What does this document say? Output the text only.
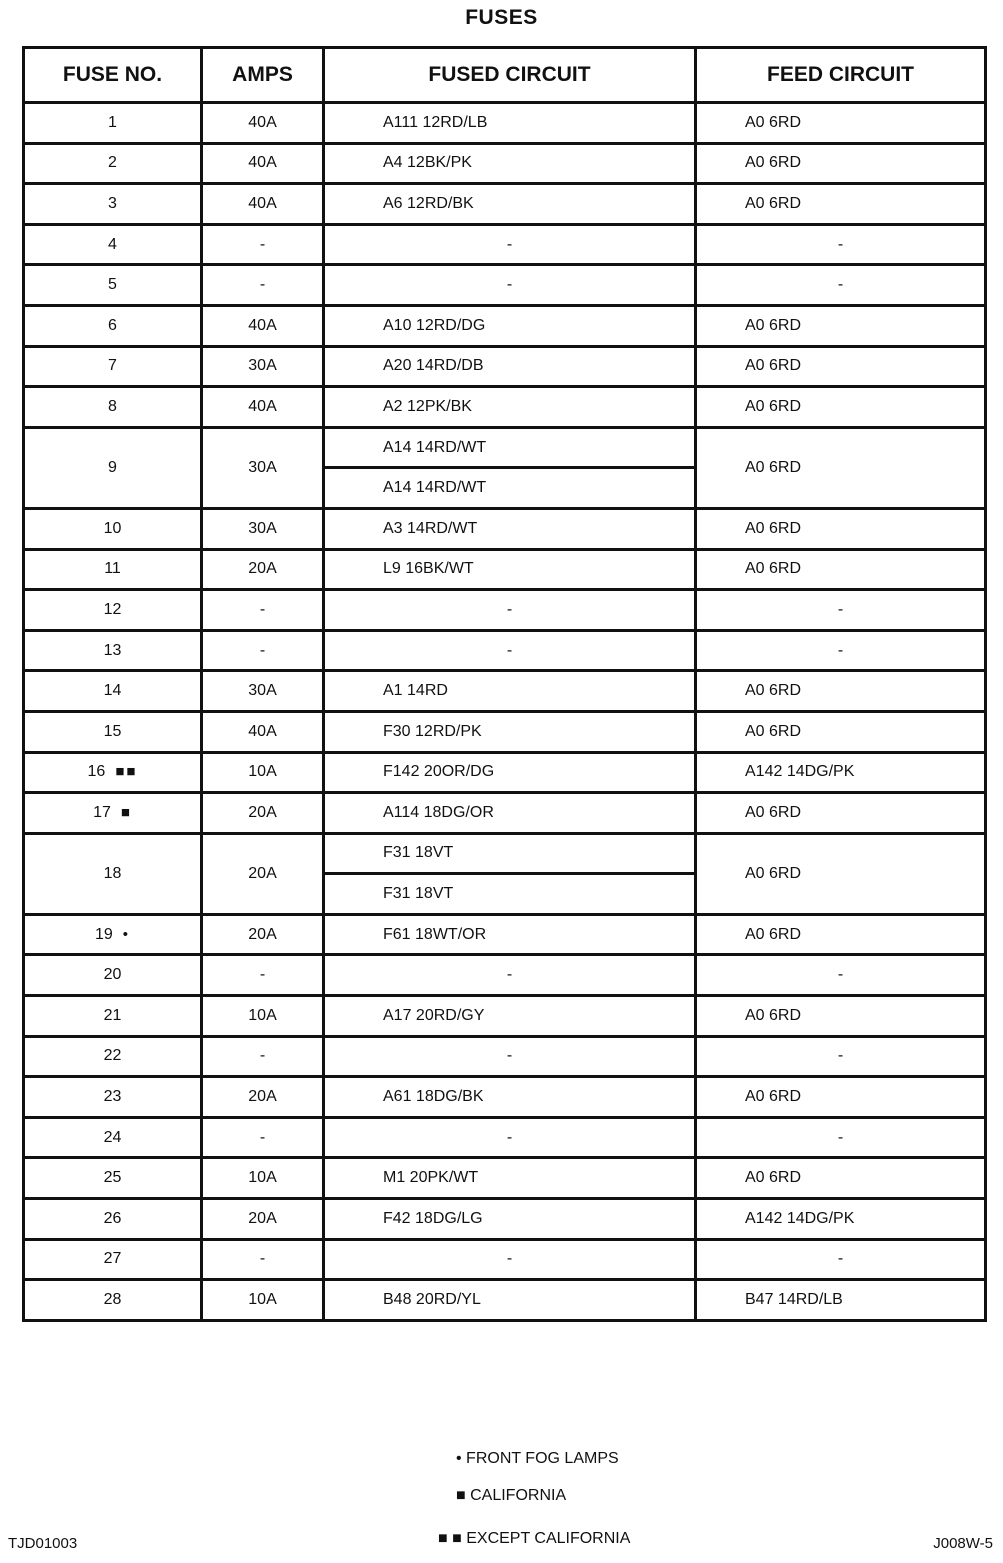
FUSES
FUSE NO.	AMPS	FUSED CIRCUIT	FEED CIRCUIT
1	40A	A111 12RD/LB	A0 6RD
2	40A	A4 12BK/PK	A0 6RD
3	40A	A6 12RD/BK	A0 6RD
4	-	-	-
5	-	-	-
6	40A	A10 12RD/DG	A0 6RD
7	30A	A20 14RD/DB	A0 6RD
8	40A	A2 12PK/BK	A0 6RD
9	30A	A14 14RD/WT	A0 6RD
		A14 14RD/WT	
10	30A	A3 14RD/WT	A0 6RD
11	20A	L9 16BK/WT	A0 6RD
12	-	-	-
13	-	-	-
14	30A	A1 14RD	A0 6RD
15	40A	F30 12RD/PK	A0 6RD
16 ■■	10A	F142 20OR/DG	A142 14DG/PK
17 ■	20A	A114 18DG/OR	A0 6RD
18	20A	F31 18VT	A0 6RD
		F31 18VT	
19 •	20A	F61 18WT/OR	A0 6RD
20	-	-	-
21	10A	A17 20RD/GY	A0 6RD
22	-	-	-
23	20A	A61 18DG/BK	A0 6RD
24	-	-	-
25	10A	M1 20PK/WT	A0 6RD
26	20A	F42 18DG/LG	A142 14DG/PK
27	-	-	-
28	10A	B48 20RD/YL	B47 14RD/LB
• FRONT FOG LAMPS
■ CALIFORNIA
■ ■ EXCEPT CALIFORNIA
TJD01003	J008W-5
